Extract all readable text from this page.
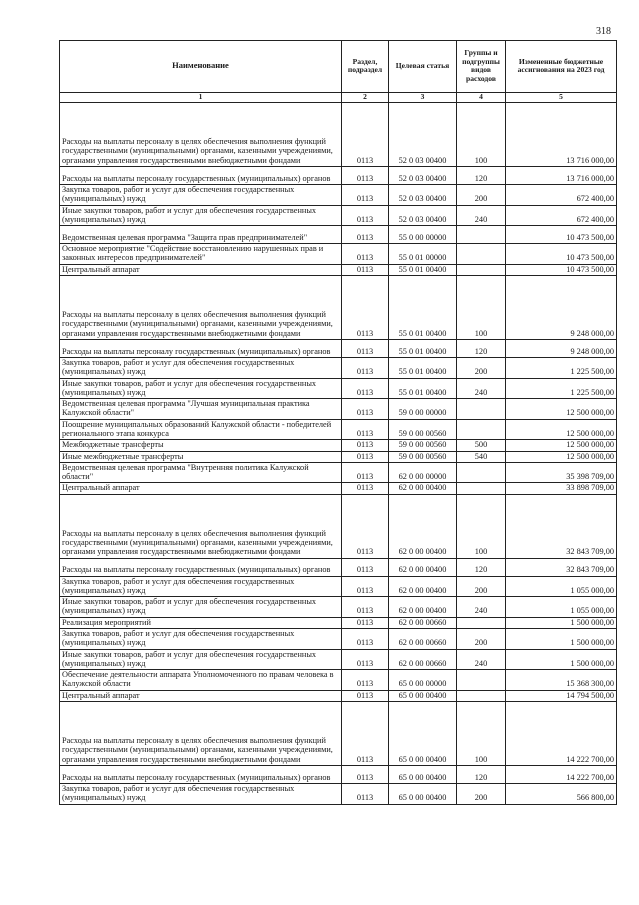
318
Наименование	Раздел, подраздел	Целевая статья	Группы и подгруппы видов расходов	Измененные бюджетные ассигнования на 2023 год
1	2	3	4	5
Расходы на выплаты персоналу в целях обеспечения выполнения функций государственными (муниципальными) органами, казенными учреждениями, органами управления государственными внебюджетными фондами	0113	52 0 03 00400	100	13 716 000,00
Расходы на выплаты персоналу государственных (муниципальных) органов	0113	52 0 03 00400	120	13 716 000,00
Закупка товаров, работ и услуг для обеспечения государственных (муниципальных) нужд	0113	52 0 03 00400	200	672 400,00
Иные закупки товаров, работ и услуг для обеспечения государственных (муниципальных) нужд	0113	52 0 03 00400	240	672 400,00
Ведомственная целевая программа "Защита прав предпринимателей"	0113	55 0 00 00000		10 473 500,00
Основное мероприятие "Содействие восстановлению нарушенных прав и законных интересов предпринимателей"	0113	55 0 01 00000		10 473 500,00
Центральный аппарат	0113	55 0 01 00400		10 473 500,00
Расходы на выплаты персоналу в целях обеспечения выполнения функций государственными (муниципальными) органами, казенными учреждениями, органами управления государственными внебюджетными фондами	0113	55 0 01 00400	100	9 248 000,00
Расходы на выплаты персоналу государственных (муниципальных) органов	0113	55 0 01 00400	120	9 248 000,00
Закупка товаров, работ и услуг для обеспечения государственных (муниципальных) нужд	0113	55 0 01 00400	200	1 225 500,00
Иные закупки товаров, работ и услуг для обеспечения государственных (муниципальных) нужд	0113	55 0 01 00400	240	1 225 500,00
Ведомственная целевая программа "Лучшая муниципальная практика Калужской области"	0113	59 0 00 00000		12 500 000,00
Поощрение муниципальных образований Калужской области - победителей регионального этапа конкурса	0113	59 0 00 00560		12 500 000,00
Межбюджетные трансферты	0113	59 0 00 00560	500	12 500 000,00
Иные межбюджетные трансферты	0113	59 0 00 00560	540	12 500 000,00
Ведомственная целевая программа "Внутренняя политика Калужской области"	0113	62 0 00 00000		35 398 709,00
Центральный аппарат	0113	62 0 00 00400		33 898 709,00
Расходы на выплаты персоналу в целях обеспечения выполнения функций государственными (муниципальными) органами, казенными учреждениями, органами управления государственными внебюджетными фондами	0113	62 0 00 00400	100	32 843 709,00
Расходы на выплаты персоналу государственных (муниципальных) органов	0113	62 0 00 00400	120	32 843 709,00
Закупка товаров, работ и услуг для обеспечения государственных (муниципальных) нужд	0113	62 0 00 00400	200	1 055 000,00
Иные закупки товаров, работ и услуг для обеспечения государственных (муниципальных) нужд	0113	62 0 00 00400	240	1 055 000,00
Реализация мероприятий	0113	62 0 00 00660		1 500 000,00
Закупка товаров, работ и услуг для обеспечения государственных (муниципальных) нужд	0113	62 0 00 00660	200	1 500 000,00
Иные закупки товаров, работ и услуг для обеспечения государственных (муниципальных) нужд	0113	62 0 00 00660	240	1 500 000,00
Обеспечение деятельности аппарата Уполномоченного по правам человека в Калужской области	0113	65 0 00 00000		15 368 300,00
Центральный аппарат	0113	65 0 00 00400		14 794 500,00
Расходы на выплаты персоналу в целях обеспечения выполнения функций государственными (муниципальными) органами, казенными учреждениями, органами управления государственными внебюджетными фондами	0113	65 0 00 00400	100	14 222 700,00
Расходы на выплаты персоналу государственных (муниципальных) органов	0113	65 0 00 00400	120	14 222 700,00
Закупка товаров, работ и услуг для обеспечения государственных (муниципальных) нужд	0113	65 0 00 00400	200	566 800,00
